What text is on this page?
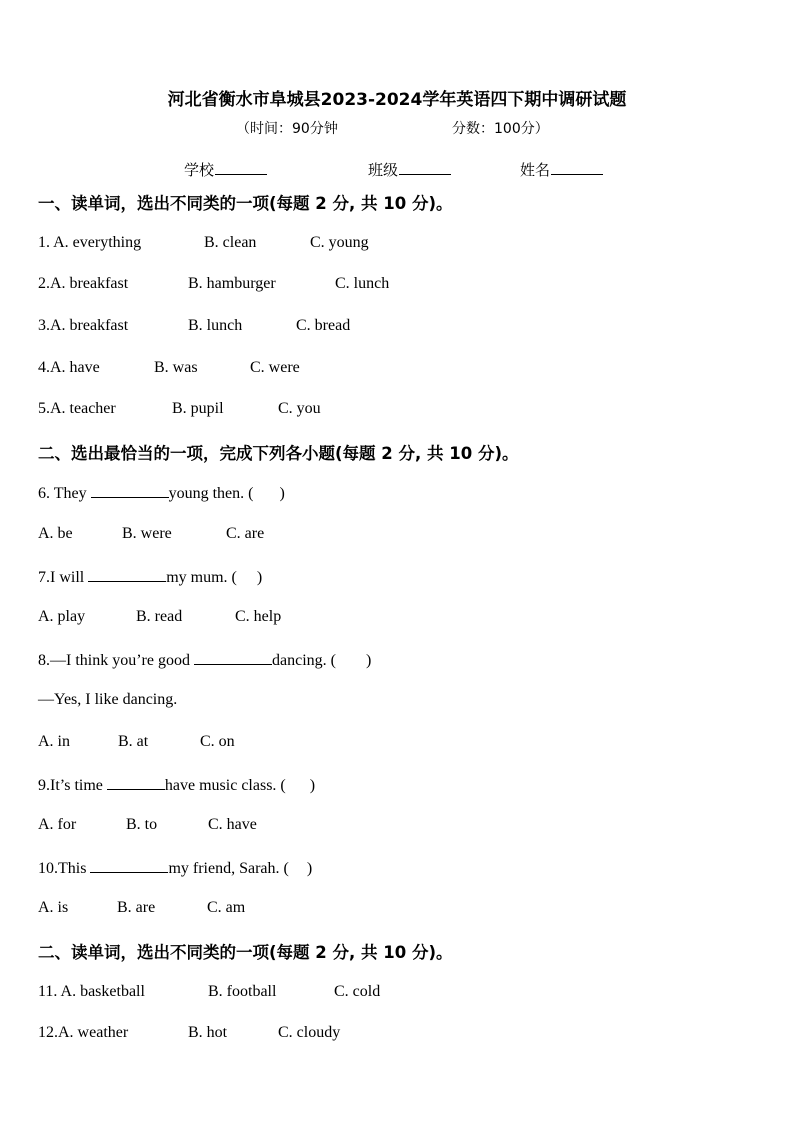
河北省衡水市阜城县2023-2024学年英语四下期中调研试题
（时间：90分钟	分数：100分）
学校	班级	姓名
一、读单词，选出不同类的一项(每题 2 分, 共 10 分)。
1. A. everything	B. clean	C. young
2.A. breakfast	B. hamburger	C. lunch
3.A. breakfast	B. lunch	C. bread
4.A. have	B. was	C. were
5.A. teacher	B. pupil	C. you
二、选出最恰当的一项，完成下列各小题(每题 2 分, 共 10 分)。
6. They	young then. ( )
A. be	B. were	C. are
7.I will	my mum. ( )
A. play	B. read	C. help
8.—I think you’re good	dancing. ( )
—Yes, I like dancing.
A. in	B. at	C. on
9.It’s time	have music class. ( )
A. for	B. to	C. have
10.This	my friend, Sarah. ( )
A. is	B. are	C. am
二、读单词，选出不同类的一项(每题 2 分, 共 10 分)。
11. A. basketball	B. football	C. cold
12.A. weather	B. hot	C. cloudy
